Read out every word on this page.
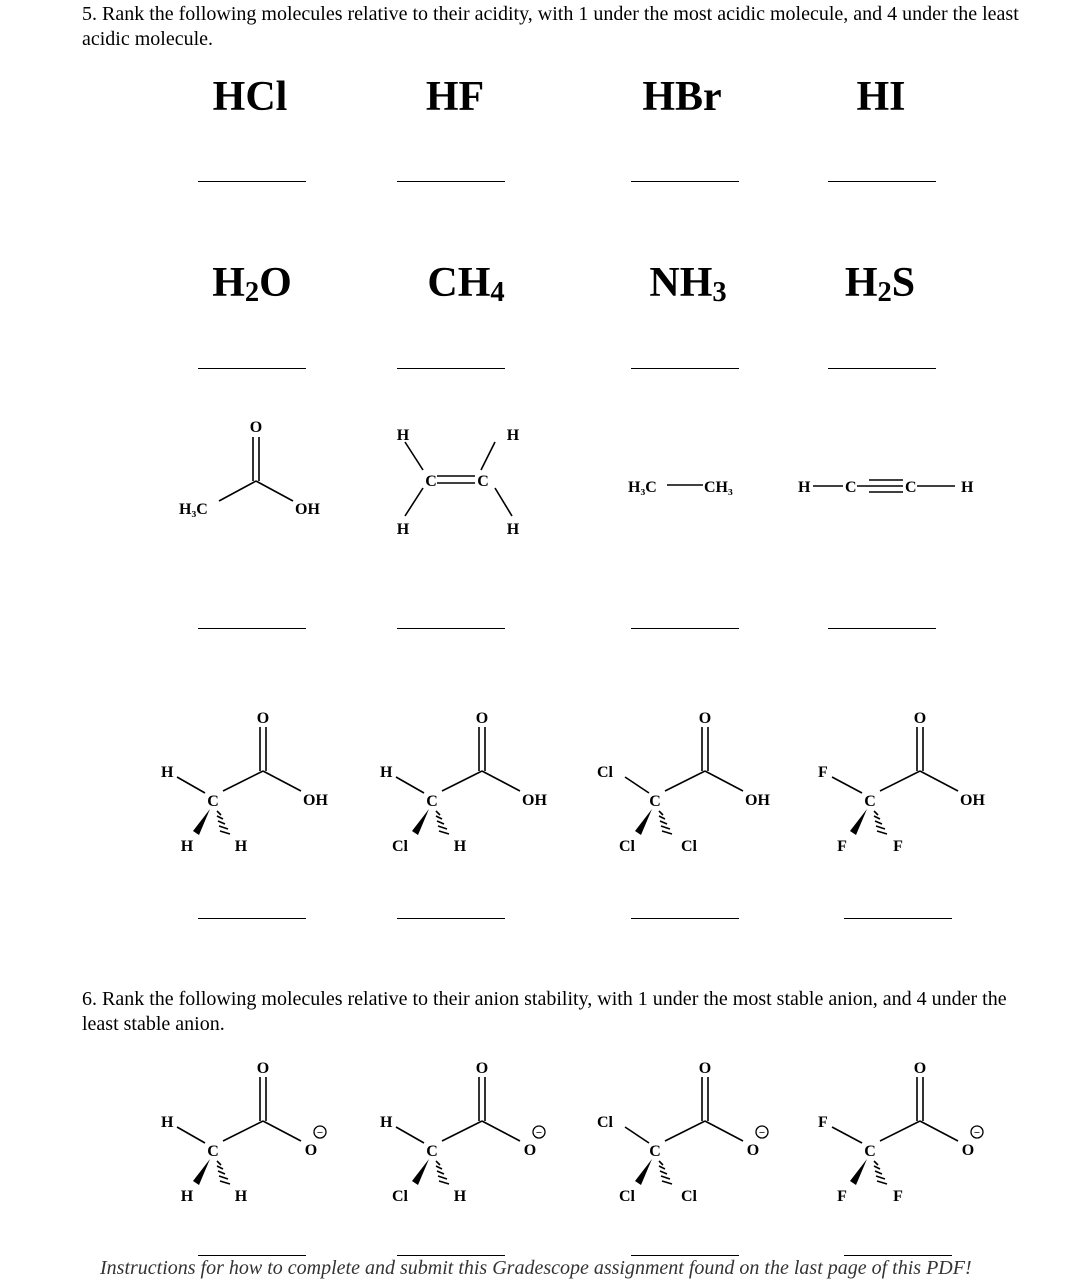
5. Rank the following molecules relative to their acidity, with 1 under the most acidic molecule, and 4 under the least acidic molecule.

HCl	HF	HBr	HI
$H_2O$	$CH_4$	$NH_3$	$H_2S$
O
H₃C	OH
H
H
H
H
C	C	H₃C	CH₃	H C	C	H
O
H
C	OH
H	H
O
H
C	OH
Cl	H
O
Cl
C	OH
Cl	Cl
O
F
C	OH
F	F

6. Rank the following molecules relative to their anion stability, with 1 under the most stable anion, and 4 under the least stable anion.

O
H
C	O
−
H	H
O
H
C	O
−
Cl	H
O
Cl
C	O
−
Cl	Cl
O
F
C	O
−
F	F
Instructions for how to complete and submit this Gradescope assignment found on the last page of this PDF!
